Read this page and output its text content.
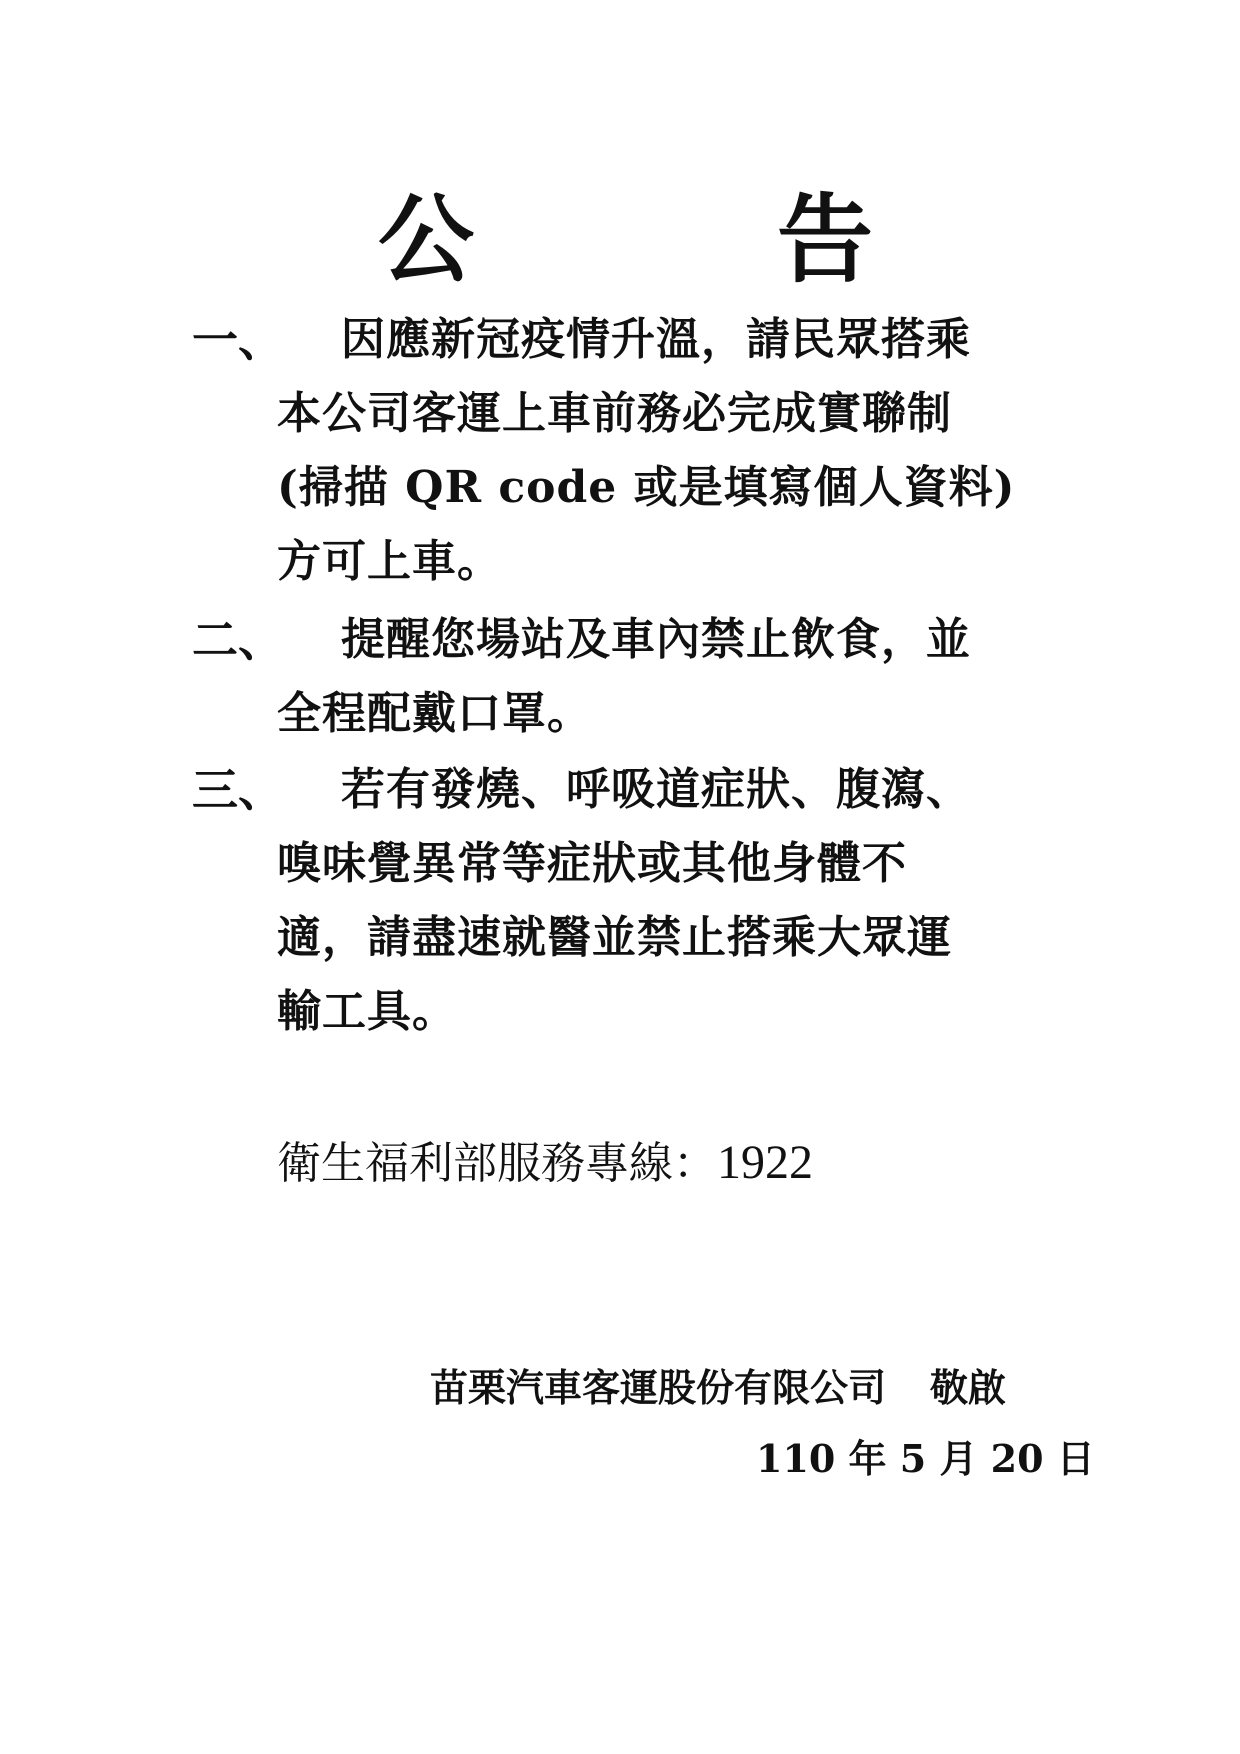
公	告
一、 因應新冠疫情升溫，請民眾搭乘
本公司客運上車前務必完成實聯制
(掃描 QR code 或是填寫個人資料)
方可上車。
二、 提醒您場站及車內禁止飲食，並
全程配戴口罩。
三、 若有發燒、呼吸道症狀、腹瀉、
嗅味覺異常等症狀或其他身體不
適，請盡速就醫並禁止搭乘大眾運
輸工具。
衛生福利部服務專線：1922
苗栗汽車客運股份有限公司 敬啟
110 年 5 月 20 日
